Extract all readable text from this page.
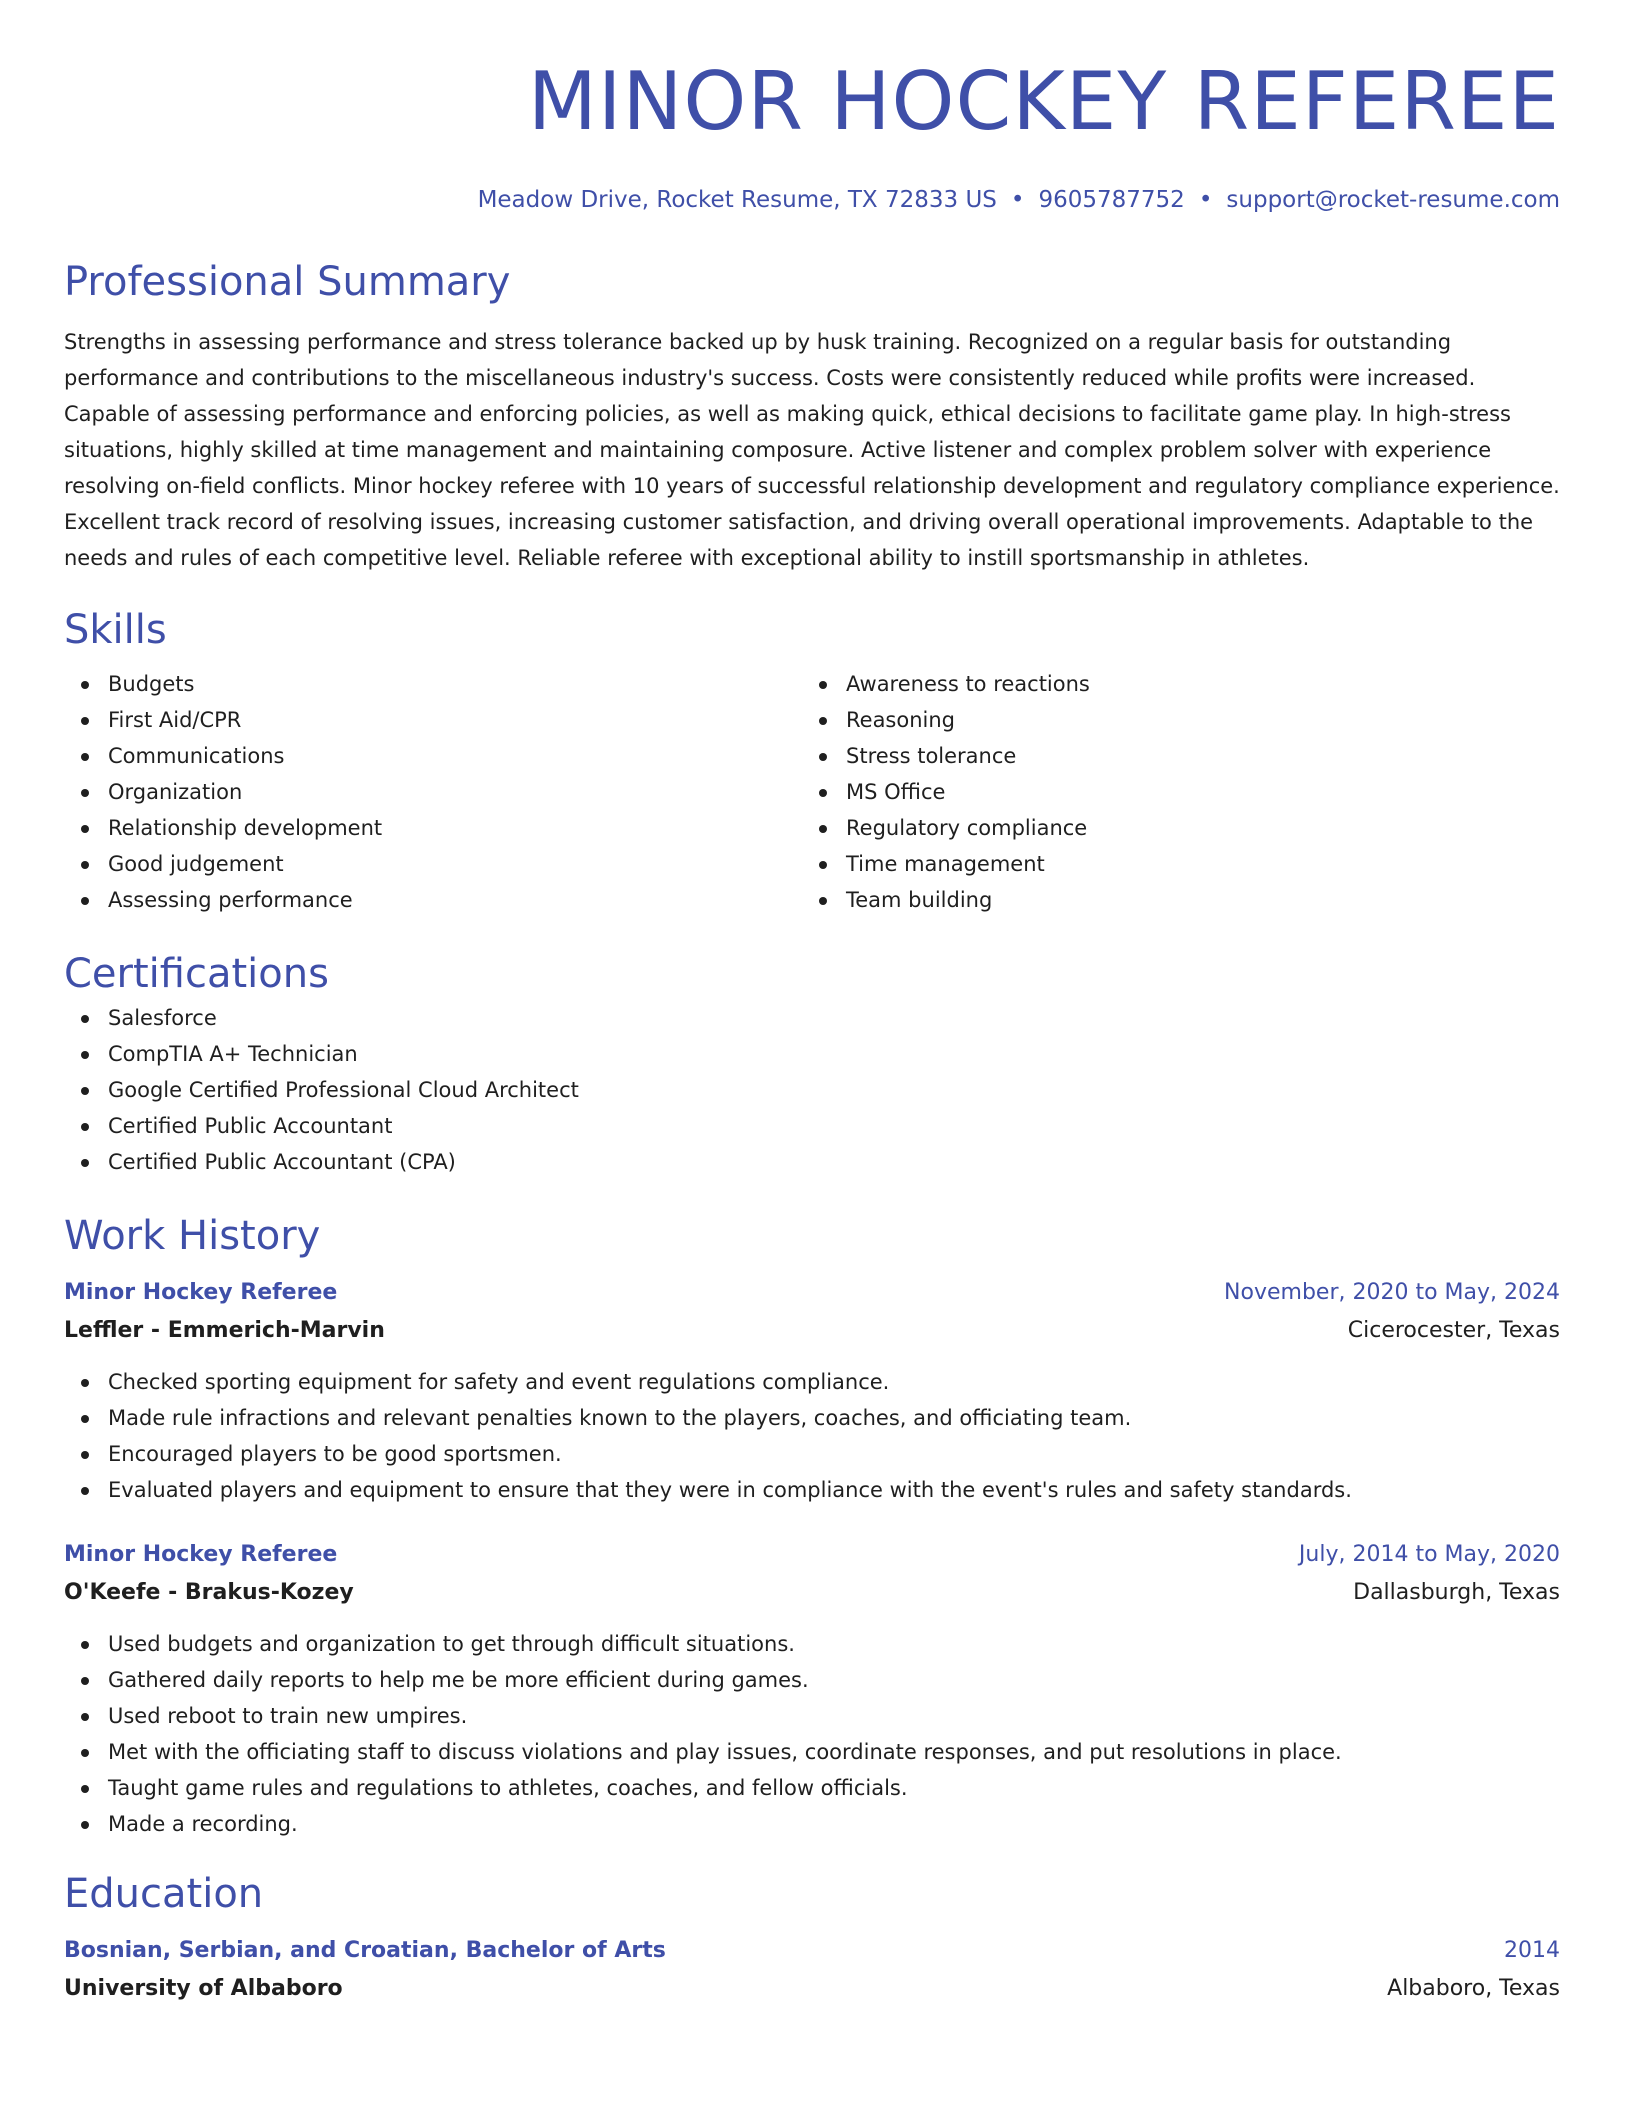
MINOR HOCKEY REFEREE
Meadow Drive, Rocket Resume, TX 72833 US • 9605787752 • support@rocket-resume.com
Professional Summary

Strengths in assessing performance and stress tolerance backed up by husk training. Recognized on a regular basis for outstanding performance and contributions to the miscellaneous industry's success. Costs were consistently reduced while profits were increased. Capable of assessing performance and enforcing policies, as well as making quick, ethical decisions to facilitate game play. In high-stress situations, highly skilled at time management and maintaining composure. Active listener and complex problem solver with experience resolving on-field conflicts. Minor hockey referee with 10 years of successful relationship development and regulatory compliance experience. Excellent track record of resolving issues, increasing customer satisfaction, and driving overall operational improvements. Adaptable to the needs and rules of each competitive level. Reliable referee with exceptional ability to instill sportsmanship in athletes.

Skills
Budgets
First Aid/CPR
Communications
Organization
Relationship development
Good judgement
Assessing performance
Awareness to reactions
Reasoning
Stress tolerance
MS Office
Regulatory compliance
Time management
Team building
Certifications
Salesforce
CompTIA A+ Technician
Google Certified Professional Cloud Architect
Certified Public Accountant
Certified Public Accountant (CPA)
Work History
Minor Hockey Referee	November, 2020 to May, 2024
Leffler - Emmerich-Marvin	Cicerocester, Texas
Checked sporting equipment for safety and event regulations compliance.
Made rule infractions and relevant penalties known to the players, coaches, and officiating team.
Encouraged players to be good sportsmen.
Evaluated players and equipment to ensure that they were in compliance with the event's rules and safety standards.
Minor Hockey Referee	July, 2014 to May, 2020
O'Keefe - Brakus-Kozey	Dallasburgh, Texas
Used budgets and organization to get through difficult situations.
Gathered daily reports to help me be more efficient during games.
Used reboot to train new umpires.
Met with the officiating staff to discuss violations and play issues, coordinate responses, and put resolutions in place.
Taught game rules and regulations to athletes, coaches, and fellow officials.
Made a recording.
Education
Bosnian, Serbian, and Croatian, Bachelor of Arts	2014
University of Albaboro	Albaboro, Texas
